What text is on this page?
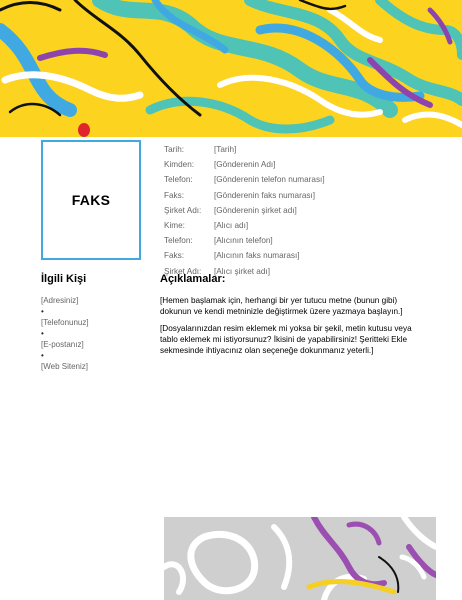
FAKS
Tarih:	[Tarih]
Kimden:	[Gönderenin Adı]
Telefon:	[Gönderenin telefon numarası]
Faks:	[Gönderenin faks numarası]
Şirket Adı:	[Gönderenin şirket adı]
Kime:	[Alıcı adı]
Telefon:	[Alıcının telefon]
Faks:	[Alıcının faks numarası]
Şirket Adı:	[Alıcı şirket adı]
İlgili Kişi
[Adresiniz]
•
[Telefonunuz]
•
[E-postanız]
•
[Web Siteniz]
Açıklamalar:

[Hemen başlamak için, herhangi bir yer tutucu metne (bunun gibi) dokunun ve kendi metninizle değiştirmek üzere yazmaya başlayın.]

[Dosyalarınızdan resim eklemek mi yoksa bir şekil, metin kutusu veya tablo eklemek mi istiyorsunuz? İkisini de yapabilirsiniz! Şeritteki Ekle sekmesinde ihtiyacınız olan seçeneğe dokunmanız yeterli.]
